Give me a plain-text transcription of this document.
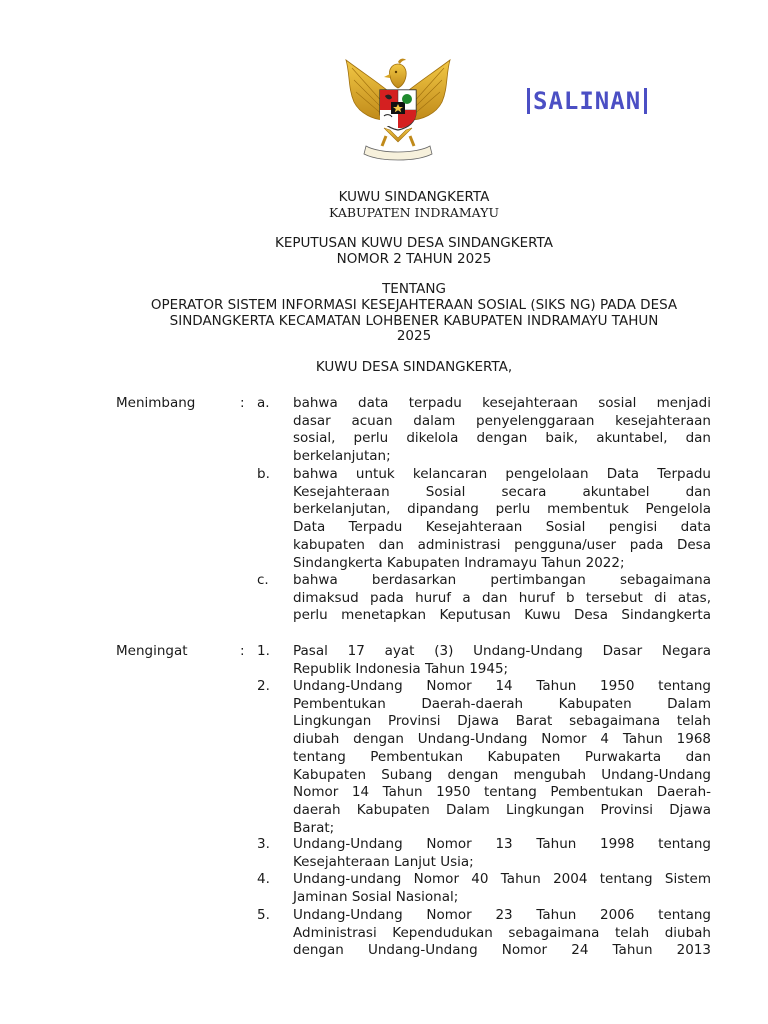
SALINAN
KUWU SINDANGKERTA
KABUPATEN INDRAMAYU
KEPUTUSAN KUWU DESA SINDANGKERTA
NOMOR 2 TAHUN 2025
TENTANG
OPERATOR SISTEM INFORMASI KESEJAHTERAAN SOSIAL (SIKS NG) PADA DESA
SINDANGKERTA KECAMATAN LOHBENER KABUPATEN INDRAMAYU TAHUN
2025
KUWU DESA SINDANGKERTA,
Menimbang	: a. bahwa data terpadu kesejahteraan sosial menjadi
dasar acuan dalam penyelenggaraan kesejahteraan
sosial, perlu dikelola dengan baik, akuntabel, dan
berkelanjutan;
b. bahwa untuk kelancaran pengelolaan Data Terpadu
Kesejahteraan Sosial secara akuntabel dan
berkelanjutan, dipandang perlu membentuk Pengelola
Data Terpadu Kesejahteraan Sosial pengisi data
kabupaten dan administrasi pengguna/user pada Desa
Sindangkerta Kabupaten Indramayu Tahun 2022;
c. bahwa berdasarkan pertimbangan sebagaimana
dimaksud pada huruf a dan huruf b tersebut di atas,
perlu menetapkan Keputusan Kuwu Desa Sindangkerta
Mengingat	: 1. Pasal 17 ayat (3) Undang-Undang Dasar Negara
Republik Indonesia Tahun 1945;
2. Undang-Undang Nomor 14 Tahun 1950 tentang
Pembentukan Daerah-daerah Kabupaten Dalam
Lingkungan Provinsi Djawa Barat sebagaimana telah
diubah dengan Undang-Undang Nomor 4 Tahun 1968
tentang Pembentukan Kabupaten Purwakarta dan
Kabupaten Subang dengan mengubah Undang-Undang
Nomor 14 Tahun 1950 tentang Pembentukan Daerah-
daerah Kabupaten Dalam Lingkungan Provinsi Djawa
Barat;
3. Undang-Undang Nomor 13 Tahun 1998 tentang
Kesejahteraan Lanjut Usia;
4. Undang-undang Nomor 40 Tahun 2004 tentang Sistem
Jaminan Sosial Nasional;
5. Undang-Undang Nomor 23 Tahun 2006 tentang
Administrasi Kependudukan sebagaimana telah diubah
dengan Undang-Undang Nomor 24 Tahun 2013
